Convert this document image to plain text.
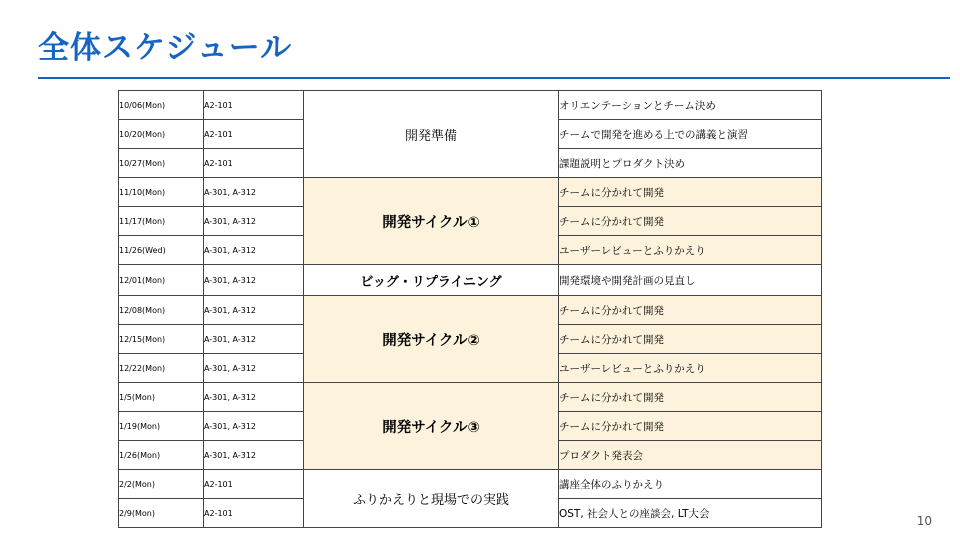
全体スケジュール
10/06(Mon)	A2-101	開発準備	オリエンテーションとチーム決め
10/20(Mon)	A2-101		チームで開発を進める上での講義と演習
10/27(Mon)	A2-101		課題説明とプロダクト決め
11/10(Mon)	A-301, A-312	開発サイクル①	チームに分かれて開発
11/17(Mon)	A-301, A-312		チームに分かれて開発
11/26(Wed)	A-301, A-312		ユーザーレビューとふりかえり
12/01(Mon)	A-301, A-312	ビッグ・リプライニング	開発環境や開発計画の見直し
12/08(Mon)	A-301, A-312	開発サイクル②	チームに分かれて開発
12/15(Mon)	A-301, A-312		チームに分かれて開発
12/22(Mon)	A-301, A-312		ユーザーレビューとふりかえり
1/5(Mon)	A-301, A-312	開発サイクル③	チームに分かれて開発
1/19(Mon)	A-301, A-312		チームに分かれて開発
1/26(Mon)	A-301, A-312		プロダクト発表会
2/2(Mon)	A2-101	ふりかえりと現場での実践	講座全体のふりかえり
2/9(Mon)	A2-101		OST, 社会人との座談会, LT大会
10
